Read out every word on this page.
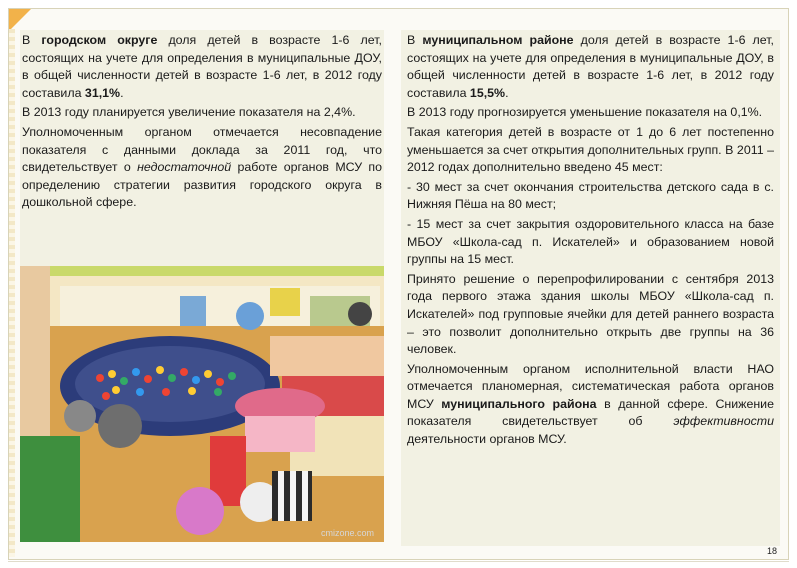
В городском округе доля детей в возрасте 1-6 лет, состоящих на учете для определения в муниципальные ДОУ, в общей численности детей в возрасте 1-6 лет, в 2012 году составила 31,1%.

В 2013 году планируется увеличение показателя на 2,4%.

Уполномоченным органом отмечается несовпадение показателя с данными доклада за 2011 год, что свидетельствует о недостаточной работе органов МСУ по определению стратегии развития городского округа в дошкольной сфере.

cmizone.com

В муниципальном районе доля детей в возрасте 1-6 лет, состоящих на учете для определения в муниципальные ДОУ, в общей численности детей в возрасте 1-6 лет, в 2012 году составила 15,5%.

В 2013 году прогнозируется уменьшение показателя на 0,1%.

Такая категория детей в возрасте от 1 до 6 лет постепенно уменьшается за счет открытия дополнительных групп. В 2011 – 2012 годах дополнительно введено 45 мест:

- 30 мест за счет окончания строительства детского сада в с. Нижняя Пёша на 80 мест;

- 15 мест за счет закрытия оздоровительного класса на базе МБОУ «Школа-сад п. Искателей» и образованием новой группы на 15 мест.

Принято решение о перепрофилировании с сентября 2013 года первого этажа здания школы МБОУ «Школа-сад п. Искателей» под групповые ячейки для детей раннего возраста – это позволит дополнительно открыть две группы на 36 человек.

Уполномоченным органом исполнительной власти НАО отмечается планомерная, систематическая работа органов МСУ муниципального района в данной сфере. Снижение показателя свидетельствует об эффективности деятельности органов МСУ.

18
